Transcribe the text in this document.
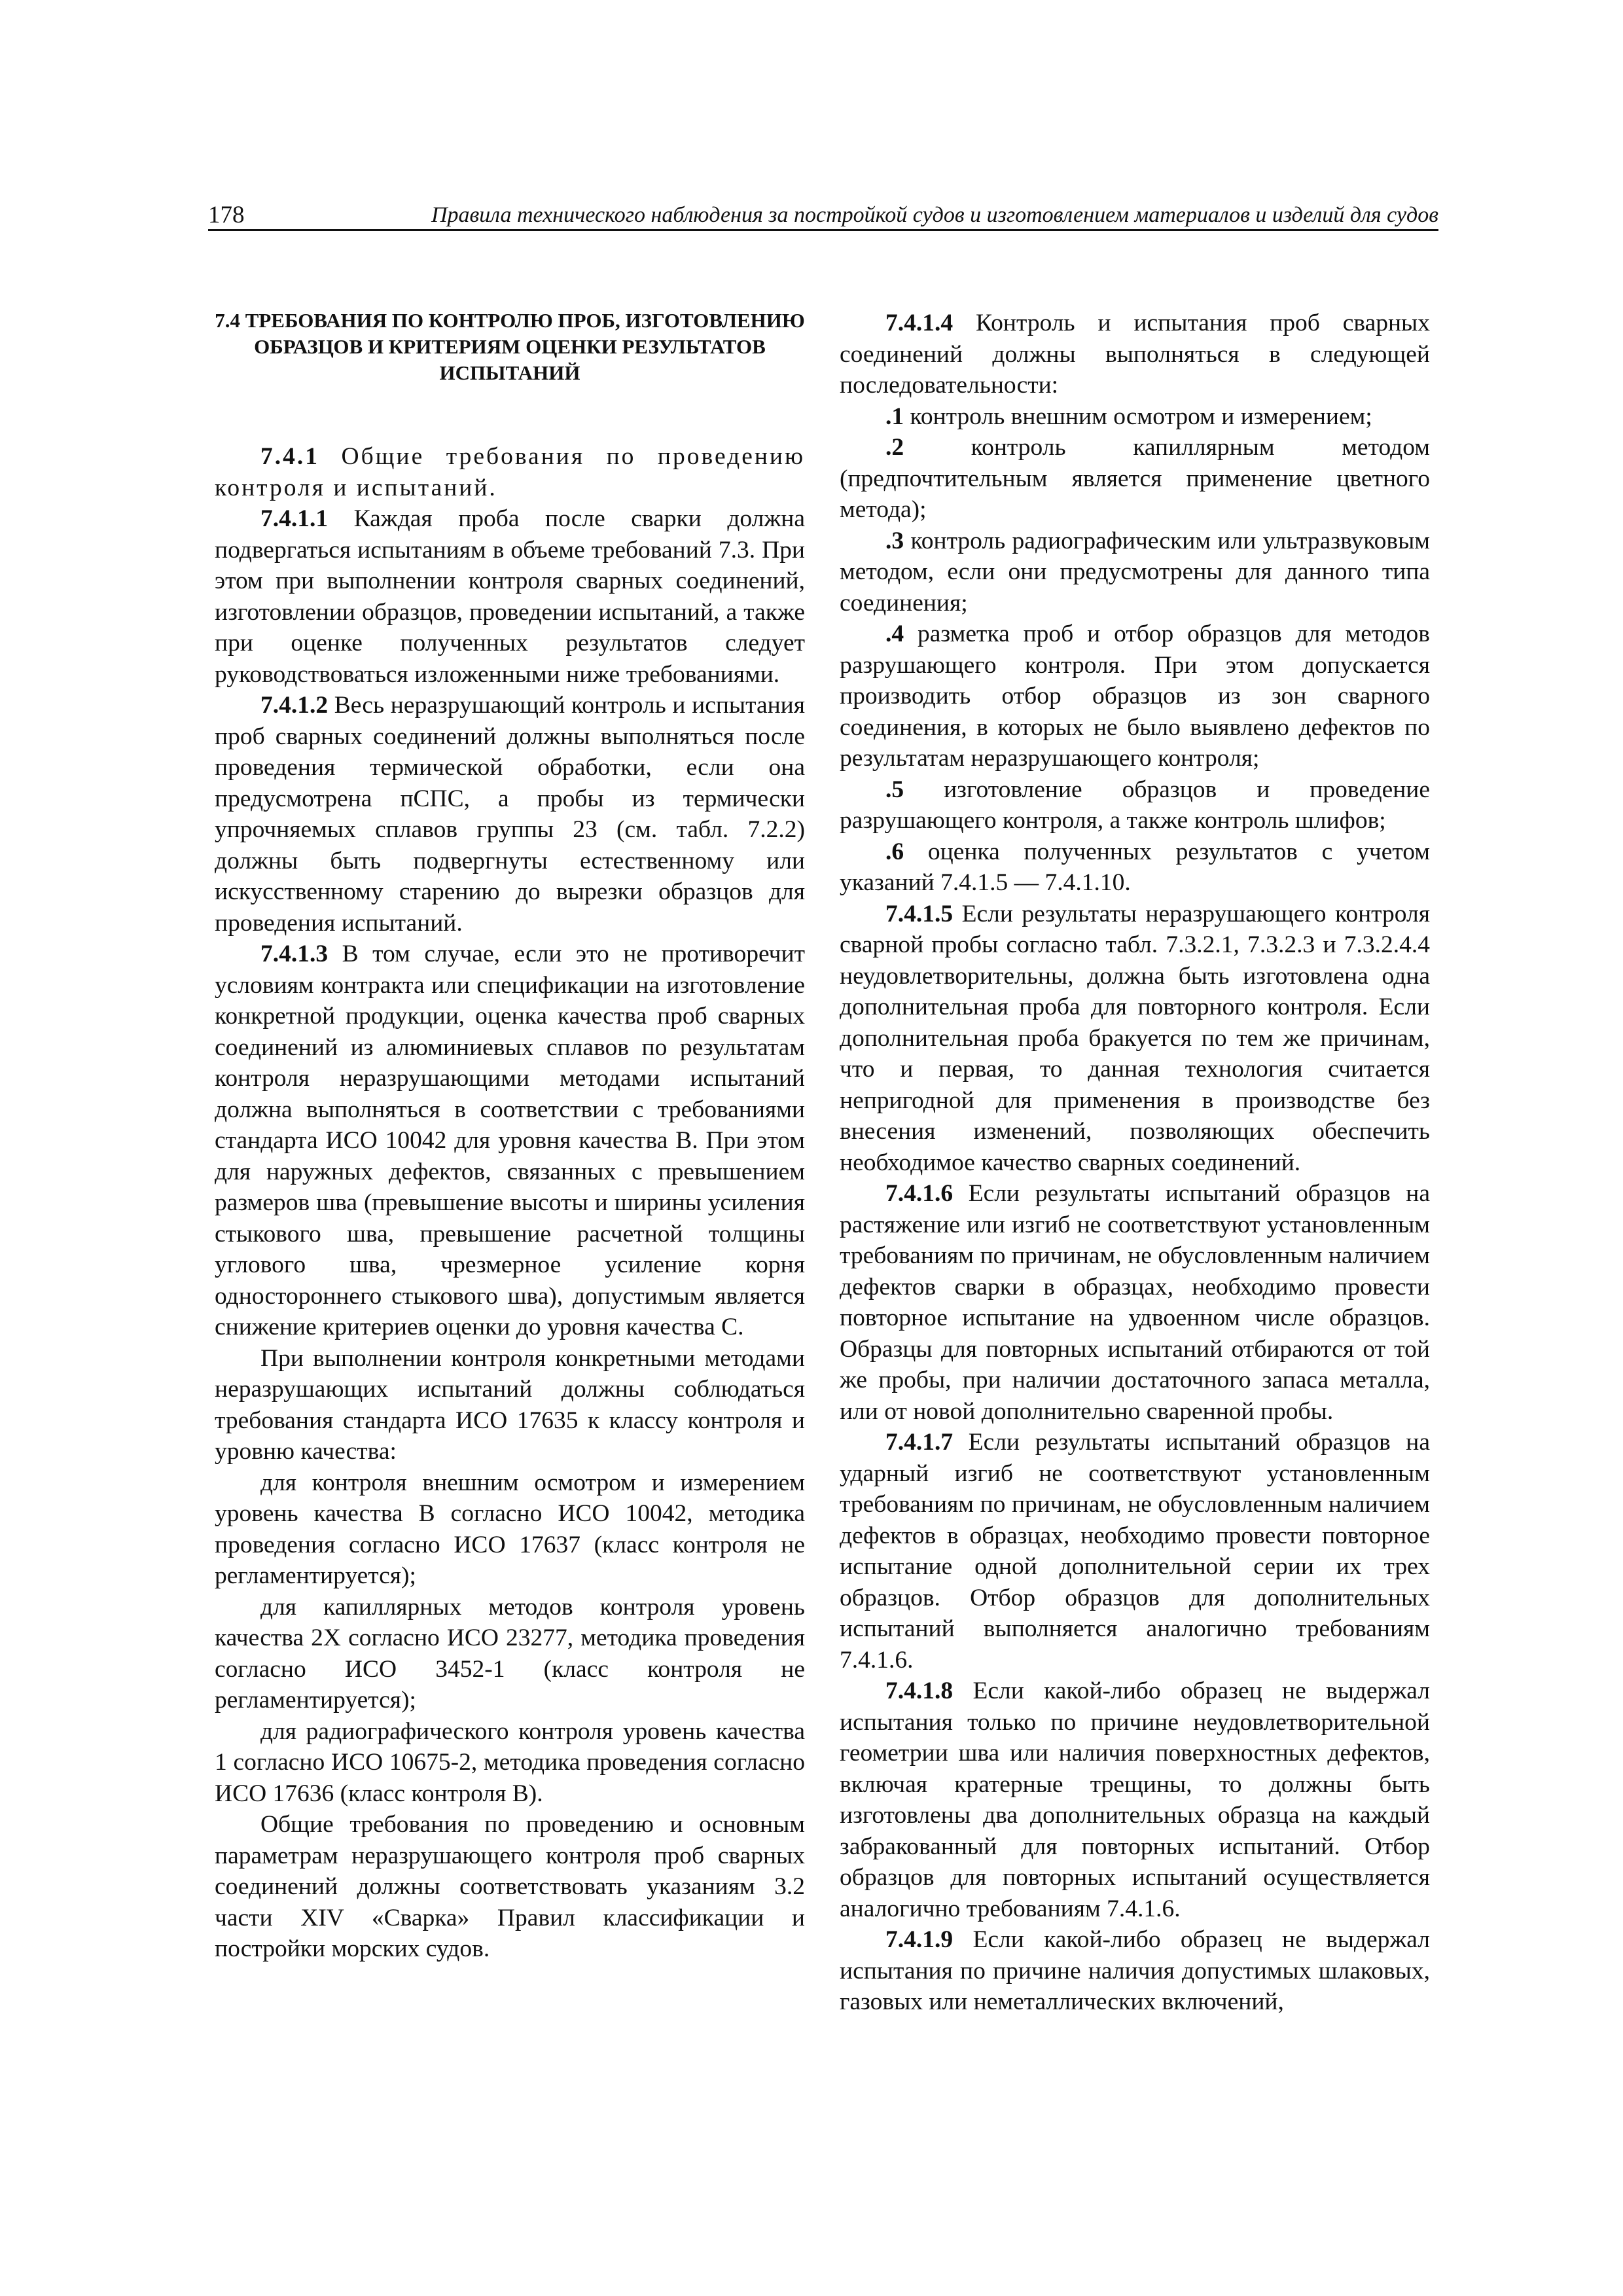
178	Правила технического наблюдения за постройкой судов и изготовлением материалов и изделий для судов

7.4 ТРЕБОВАНИЯ ПО КОНТРОЛЮ ПРОБ, ИЗГОТОВЛЕНИЮ ОБРАЗЦОВ И КРИТЕРИЯМ ОЦЕНКИ РЕЗУЛЬТАТОВ ИСПЫТАНИЙ

7.4.1 Общие требования по проведению контроля и испытаний.

7.4.1.1 Каждая проба после сварки должна подвергаться испытаниям в объеме требований 7.3. При этом при выполнении контроля сварных соединений, изготовлении образцов, проведении испытаний, а также при оценке полученных результатов следует руководствоваться изложенными ниже требованиями.

7.4.1.2 Весь неразрушающий контроль и испытания проб сварных соединений должны выполняться после проведения термической обработки, если она предусмотрена пСПС, а пробы из термически упрочняемых сплавов группы 23 (см. табл. 7.2.2) должны быть подвергнуты естественному или искусственному старению до вырезки образцов для проведения испытаний.

7.4.1.3 В том случае, если это не противоречит условиям контракта или спецификации на изготовление конкретной продукции, оценка качества проб сварных соединений из алюминиевых сплавов по результатам контроля неразрушающими методами испытаний должна выполняться в соответствии с требованиями стандарта ИСО 10042 для уровня качества В. При этом для наружных дефектов, связанных с превышением размеров шва (превышение высоты и ширины усиления стыкового шва, превышение расчетной толщины углового шва, чрезмерное усиление корня одностороннего стыкового шва), допустимым является снижение критериев оценки до уровня качества С.

При выполнении контроля конкретными методами неразрушающих испытаний должны соблюдаться требования стандарта ИСО 17635 к классу контроля и уровню качества:

для контроля внешним осмотром и измерением уровень качества В согласно ИСО 10042, методика проведения согласно ИСО 17637 (класс контроля не регламентируется);

для капиллярных методов контроля уровень качества 2Х согласно ИСО 23277, методика проведения согласно ИСО 3452-1 (класс контроля не регламентируется);

для радиографического контроля уровень качества 1 согласно ИСО 10675-2, методика проведения согласно ИСО 17636 (класс контроля В).

Общие требования по проведению и основным параметрам неразрушающего контроля проб сварных соединений должны соответствовать указаниям 3.2 части XIV «Сварка» Правил классификации и постройки морских судов.

7.4.1.4 Контроль и испытания проб сварных соединений должны выполняться в следующей последовательности:

.1 контроль внешним осмотром и измерением;

.2 контроль капиллярным методом (предпочтительным является применение цветного метода);

.3 контроль радиографическим или ультразвуковым методом, если они предусмотрены для данного типа соединения;

.4 разметка проб и отбор образцов для методов разрушающего контроля. При этом допускается производить отбор образцов из зон сварного соединения, в которых не было выявлено дефектов по результатам неразрушающего контроля;

.5 изготовление образцов и проведение разрушающего контроля, а также контроль шлифов;

.6 оценка полученных результатов с учетом указаний 7.4.1.5 — 7.4.1.10.

7.4.1.5 Если результаты неразрушающего контроля сварной пробы согласно табл. 7.3.2.1, 7.3.2.3 и 7.3.2.4.4 неудовлетворительны, должна быть изготовлена одна дополнительная проба для повторного контроля. Если дополнительная проба бракуется по тем же причинам, что и первая, то данная технология считается непригодной для применения в производстве без внесения изменений, позволяющих обеспечить необходимое качество сварных соединений.

7.4.1.6 Если результаты испытаний образцов на растяжение или изгиб не соответствуют установленным требованиям по причинам, не обусловленным наличием дефектов сварки в образцах, необходимо провести повторное испытание на удвоенном числе образцов. Образцы для повторных испытаний отбираются от той же пробы, при наличии достаточного запаса металла, или от новой дополнительно сваренной пробы.

7.4.1.7 Если результаты испытаний образцов на ударный изгиб не соответствуют установленным требованиям по причинам, не обусловленным наличием дефектов в образцах, необходимо провести повторное испытание одной дополнительной серии их трех образцов. Отбор образцов для дополнительных испытаний выполняется аналогично требованиям 7.4.1.6.

7.4.1.8 Если какой-либо образец не выдержал испытания только по причине неудовлетворительной геометрии шва или наличия поверхностных дефектов, включая кратерные трещины, то должны быть изготовлены два дополнительных образца на каждый забракованный для повторных испытаний. Отбор образцов для повторных испытаний осуществляется аналогично требованиям 7.4.1.6.

7.4.1.9 Если какой-либо образец не выдержал испытания по причине наличия допустимых шлаковых, газовых или неметаллических включений,
